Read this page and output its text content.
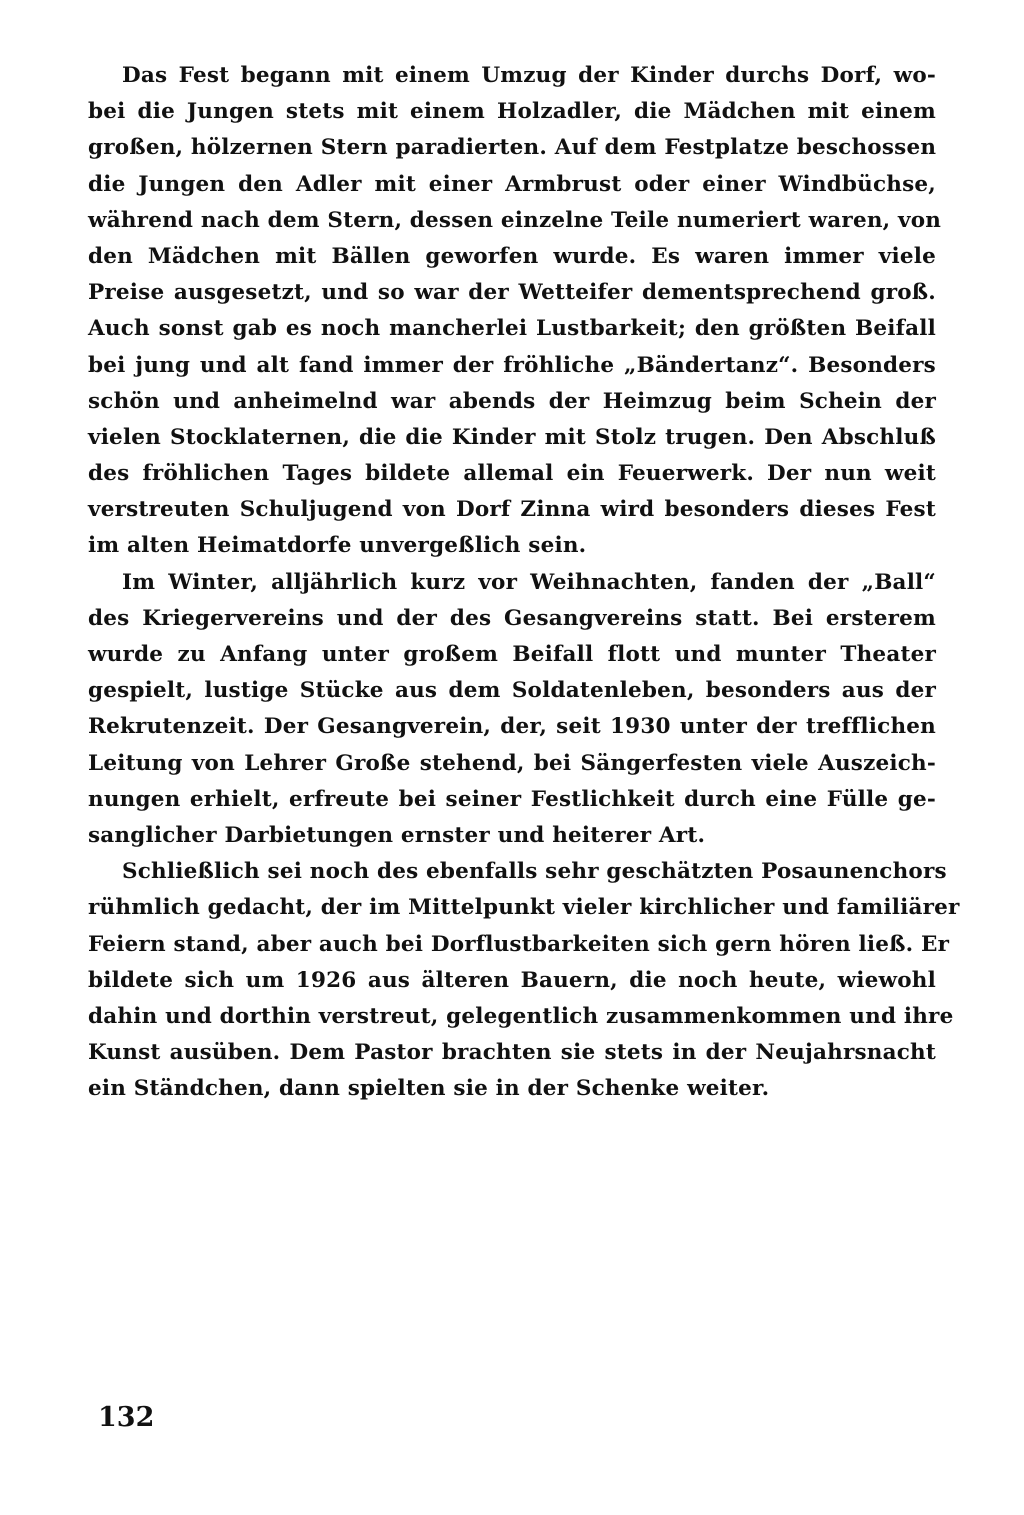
Das Fest begann mit einem Umzug der Kinder durchs Dorf, wo-
bei die Jungen stets mit einem Holzadler, die Mädchen mit einem
großen, hölzernen Stern paradierten. Auf dem Festplatze beschossen
die Jungen den Adler mit einer Armbrust oder einer Windbüchse,
während nach dem Stern, dessen einzelne Teile numeriert waren, von
den Mädchen mit Bällen geworfen wurde. Es waren immer viele
Preise ausgesetzt, und so war der Wetteifer dementsprechend groß.
Auch sonst gab es noch mancherlei Lustbarkeit; den größten Beifall
bei jung und alt fand immer der fröhliche „Bändertanz“. Besonders
schön und anheimelnd war abends der Heimzug beim Schein der
vielen Stocklaternen, die die Kinder mit Stolz trugen. Den Abschluß
des fröhlichen Tages bildete allemal ein Feuerwerk. Der nun weit
verstreuten Schuljugend von Dorf Zinna wird besonders dieses Fest
im alten Heimatdorfe unvergeßlich sein.
Im Winter, alljährlich kurz vor Weihnachten, fanden der „Ball“
des Kriegervereins und der des Gesangvereins statt. Bei ersterem
wurde zu Anfang unter großem Beifall flott und munter Theater
gespielt, lustige Stücke aus dem Soldatenleben, besonders aus der
Rekrutenzeit. Der Gesangverein, der, seit 1930 unter der trefflichen
Leitung von Lehrer Große stehend, bei Sängerfesten viele Auszeich-
nungen erhielt, erfreute bei seiner Festlichkeit durch eine Fülle ge-
sanglicher Darbietungen ernster und heiterer Art.
Schließlich sei noch des ebenfalls sehr geschätzten Posaunenchors
rühmlich gedacht, der im Mittelpunkt vieler kirchlicher und familiärer
Feiern stand, aber auch bei Dorflustbarkeiten sich gern hören ließ. Er
bildete sich um 1926 aus älteren Bauern, die noch heute, wiewohl
dahin und dorthin verstreut, gelegentlich zusammenkommen und ihre
Kunst ausüben. Dem Pastor brachten sie stets in der Neujahrsnacht
ein Ständchen, dann spielten sie in der Schenke weiter.
132
